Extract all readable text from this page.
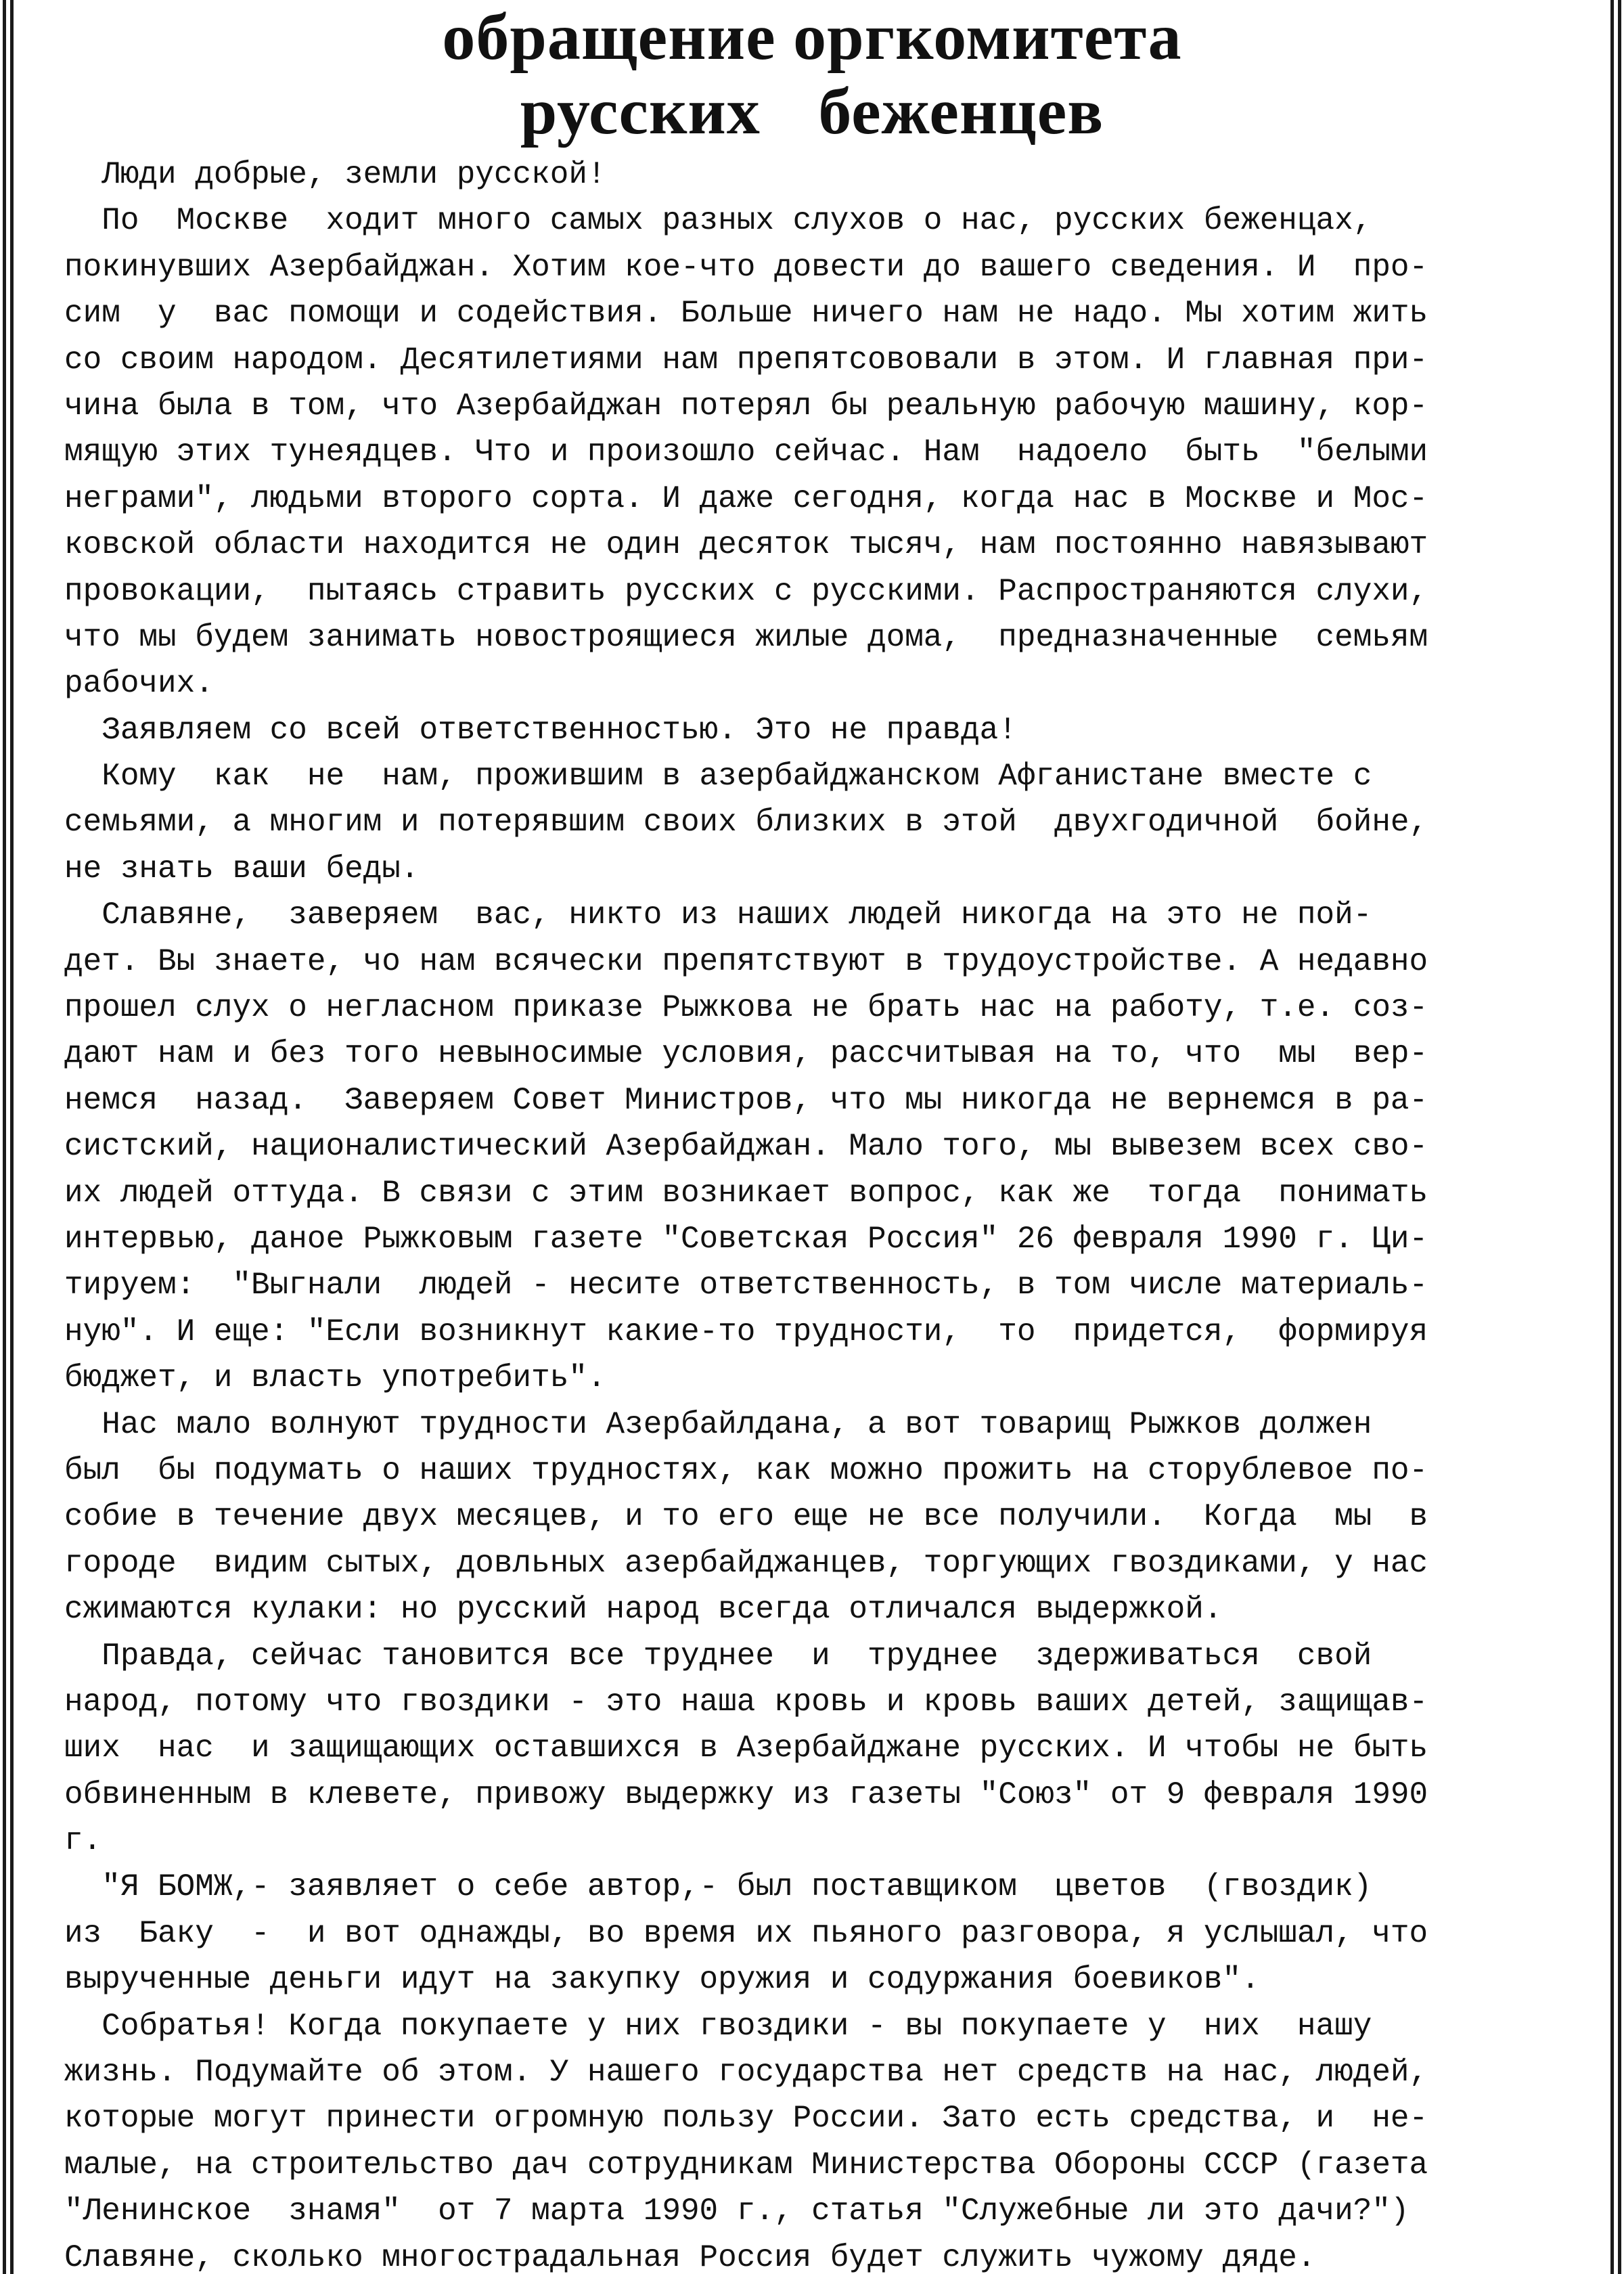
обращение оргкомитета
русских беженцев
Люди добрые, земли русской!
По  Москве  ходит много самых разных слухов о нас, русских беженцах,
покинувших Азербайджан. Хотим кое-что довести до вашего сведения. И  про-
сим  у  вас помощи и содействия. Больше ничего нам не надо. Мы хотим жить
со своим народом. Десятилетиями нам препятсововали в этом. И главная при-
чина была в том, что Азербайджан потерял бы реальную рабочую машину, кор-
мящую этих тунеядцев. Что и произошло сейчас. Нам  надоело  быть  "белыми
неграми", людьми второго сорта. И даже сегодня, когда нас в Москве и Мос-
ковской области находится не один десяток тысяч, нам постоянно навязывают
провокации,  пытаясь стравить русских с русскими. Распространяются слухи,
что мы будем занимать новостроящиеся жилые дома,  предназначенные  семьям
рабочих.
Заявляем со всей ответственностью. Это не правда!
Кому  как  не  нам, прожившим в азербайджанском Афганистане вместе с
семьями, а многим и потерявшим своих близких в этой  двухгодичной  бойне,
не знать ваши беды.
Славяне,  заверяем  вас, никто из наших людей никогда на это не пой-
дет. Вы знаете, чо нам всячески препятствуют в трудоустройстве. А недавно
прошел слух о негласном приказе Рыжкова не брать нас на работу, т.е. соз-
дают нам и без того невыносимые условия, рассчитывая на то, что  мы  вер-
немся  назад.  Заверяем Совет Министров, что мы никогда не вернемся в ра-
систский, националистический Азербайджан. Мало того, мы вывезем всех сво-
их людей оттуда. В связи с этим возникает вопрос, как же  тогда  понимать
интервью, даное Рыжковым газете "Советская Россия" 26 февраля 1990 г. Ци-
тируем:  "Выгнали  людей - несите ответственность, в том числе материаль-
ную". И еще: "Если возникнут какие-то трудности,  то  придется,  формируя
бюджет, и власть употребить".
Нас мало волнуют трудности Азербайлдана, а вот товарищ Рыжков должен
был  бы подумать о наших трудностях, как можно прожить на сторублевое по-
собие в течение двух месяцев, и то его еще не все получили.  Когда  мы  в
городе  видим сытых, довльных азербайджанцев, торгующих гвоздиками, у нас
сжимаются кулаки: но русский народ всегда отличался выдержкой.
Правда, сейчас тановится все труднее  и  труднее  здерживаться  свой
народ, потому что гвоздики - это наша кровь и кровь ваших детей, защищав-
ших  нас  и защищающих оставшихся в Азербайджане русских. И чтобы не быть
обвиненным в клевете, привожу выдержку из газеты "Союз" от 9 февраля 1990
г.
"Я БОМЖ,- заявляет о себе автор,- был поставщиком  цветов  (гвоздик)
из  Баку  -  и вот однажды, во время их пьяного разговора, я услышал, что
вырученные деньги идут на закупку оружия и содуржания боевиков".
Собратья! Когда покупаете у них гвоздики - вы покупаете у  них  нашу
жизнь. Подумайте об этом. У нашего государства нет средств на нас, людей,
которые могут принести огромную пользу России. Зато есть средства, и  не-
малые, на строительство дач сотрудникам Министерства Обороны СССР (газета
"Ленинское  знамя"  от 7 марта 1990 г., статья "Служебные ли это дачи?")
Славяне, сколько многострадальная Россия будет служить чужому дяде.
